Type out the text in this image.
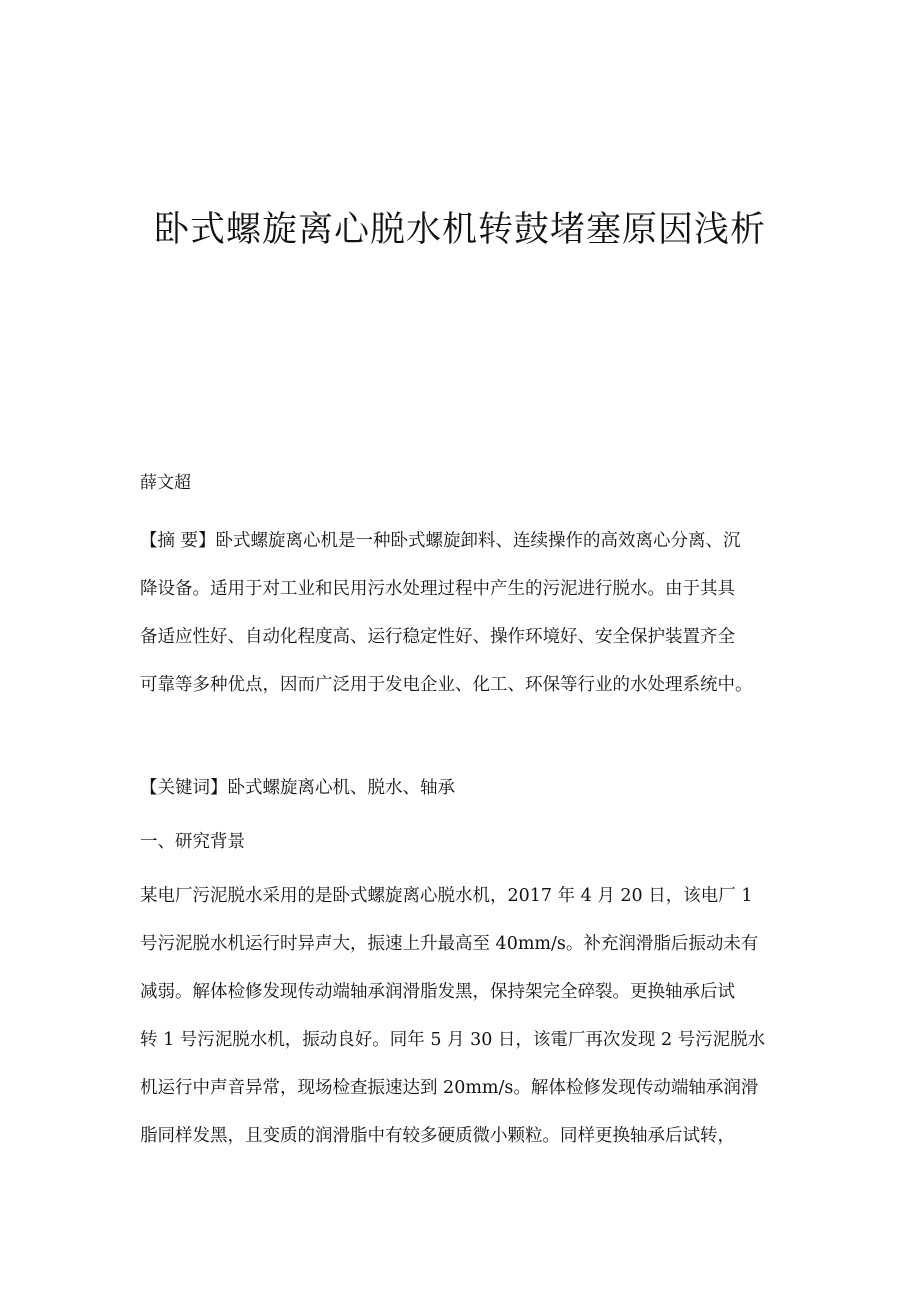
卧式螺旋离心脱水机转鼓堵塞原因浅析

薛文超

【摘 要】卧式螺旋离心机是一种卧式螺旋卸料、连续操作的高效离心分离、沉
降设备。适用于对工业和民用污水处理过程中产生的污泥进行脱水。由于其具
备适应性好、自动化程度高、运行稳定性好、操作环境好、安全保护装置齐全
可靠等多种优点，因而广泛用于发电企业、化工、环保等行业的水处理系统中。
【关键词】卧式螺旋离心机、脱水、轴承
一、研究背景
某电厂污泥脱水采用的是卧式螺旋离心脱水机，2017 年 4 月 20 日，该电厂 1
号污泥脱水机运行时异声大，振速上升最高至 40mm/s。补充润滑脂后振动未有
减弱。解体检修发现传动端轴承润滑脂发黑，保持架完全碎裂。更换轴承后试
转 1 号污泥脱水机，振动良好。同年 5 月 30 日，该電厂再次发现 2 号污泥脱水
机运行中声音异常，现场检查振速达到 20mm/s。解体检修发现传动端轴承润滑
脂同样发黑，且变质的润滑脂中有较多硬质微小颗粒。同样更换轴承后试转，
